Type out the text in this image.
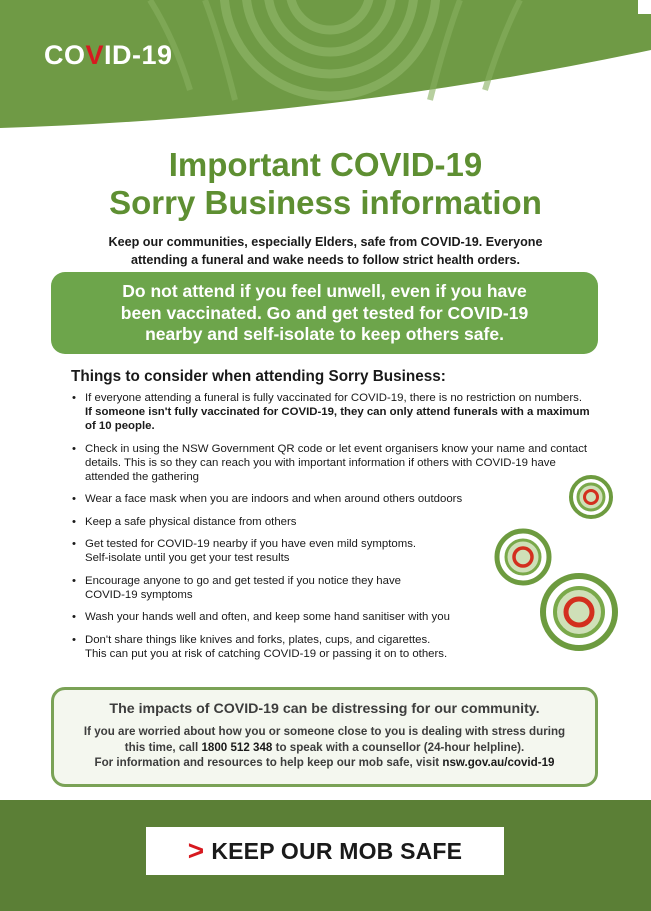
COVID-19
Important COVID-19
Sorry Business information
Keep our communities, especially Elders, safe from COVID-19. Everyone
attending a funeral and wake needs to follow strict health orders.
Do not attend if you feel unwell, even if you have
been vaccinated. Go and get tested for COVID-19
nearby and self-isolate to keep others safe.
Things to consider when attending Sorry Business:
• If everyone attending a funeral is fully vaccinated for COVID-19, there is no restriction on numbers. If someone isn't fully vaccinated for COVID-19, they can only attend funerals with a maximum of 10 people.
• Check in using the NSW Government QR code or let event organisers know your name and contact details. This is so they can reach you with important information if others with COVID-19 have attended the gathering
• Wear a face mask when you are indoors and when around others outdoors
• Keep a safe physical distance from others
• Get tested for COVID-19 nearby if you have even mild symptoms.
Self-isolate until you get your test results
• Encourage anyone to go and get tested if you notice they have
COVID-19 symptoms
• Wash your hands well and often, and keep some hand sanitiser with you
• Don't share things like knives and forks, plates, cups, and cigarettes.
This can put you at risk of catching COVID-19 or passing it on to others.
The impacts of COVID-19 can be distressing for our community.
If you are worried about how you or someone close to you is dealing with stress during
this time, call 1800 512 348 to speak with a counsellor (24-hour helpline).
For information and resources to help keep our mob safe, visit nsw.gov.au/covid-19
> KEEP OUR MOB SAFE
